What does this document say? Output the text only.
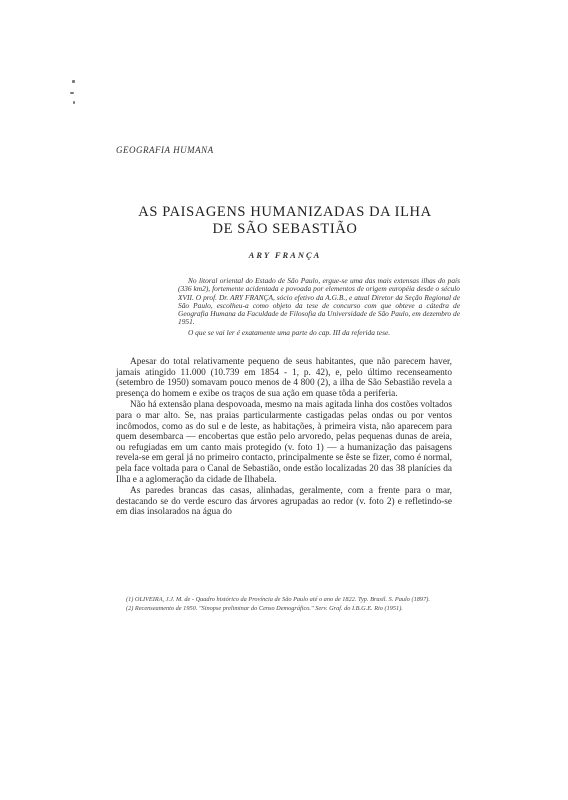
GEOGRAFIA HUMANA
AS PAISAGENS HUMANIZADAS DA ILHA
DE SÃO SEBASTIÃO
ARY FRANÇA

No litoral oriental do Estado de São Paulo, ergue-se uma das mais extensas ilhas do país (336 km2), fortemente acidentada e povoada por elementos de origem européia desde o século XVII. O prof. Dr. ARY FRANÇA, sócio efetivo da A.G.B., e atual Diretor da Seção Regional de São Paulo, escolheu-a como objeto da tese de concurso com que obteve a cátedra de Geografia Humana da Faculdade de Filosofia da Universidade de São Paulo, em dezembro de 1951.

O que se vai ler é exatamente uma parte do cap. III da referida tese.

Apesar do total relativamente pequeno de seus habitantes, que não parecem haver, jamais atingido 11.000 (10.739 em 1854 - 1, p. 42), e, pelo último recenseamento (setembro de 1950) somavam pouco menos de 4 800 (2), a ilha de São Sebastião revela a presença do homem e exibe os traços de sua ação em quase tôda a periferia.

Não há extensão plana despovoada, mesmo na mais agitada linha dos costões voltados para o mar alto. Se, nas praias particularmente castigadas pelas ondas ou por ventos incômodos, como as do sul e de leste, as habitações, à primeira vista, não aparecem para quem desembarca — encobertas que estão pelo arvoredo, pelas pequenas dunas de areia, ou refugiadas em um canto mais protegido (v. foto 1) — a humanização das paisagens revela-se em geral já no primeiro contacto, principalmente se êste se fizer, como é normal, pela face voltada para o Canal de Sebastião, onde estão localizadas 20 das 38 planícies da Ilha e a aglomeração da cidade de Ilhabela.

As paredes brancas das casas, alinhadas, geralmente, com a frente para o mar, destacando se do verde escuro das árvores agrupadas ao redor (v. foto 2) e refletindo-se em dias insolarados na água do

(1) OLIVEIRA, J.J. M. de - Quadro histórico da Província de São Paulo até o ano de 1822. Typ. Brasil. S. Paulo (1897).

(2) Recenseamento de 1950. "Sinopse preliminar do Censo Demográfico." Serv. Graf. do I.B.G.E. Rio (1951).
